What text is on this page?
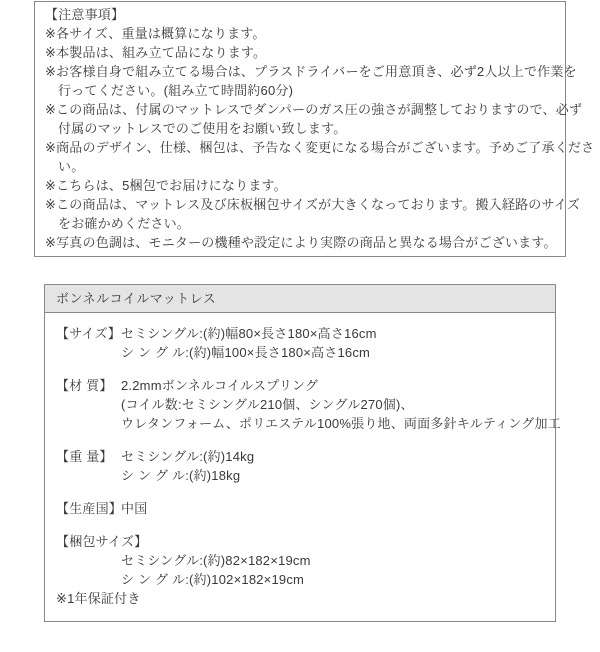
【注意事項】
※各サイズ、重量は概算になります。
※本製品は、組み立て品になります。
※お客様自身で組み立てる場合は、プラスドライバーをご用意頂き、必ず2人以上で作業を
行ってください。(組み立て時間約60分)
※この商品は、付属のマットレスでダンパーのガス圧の強さが調整しておりますので、必ず
付属のマットレスでのご使用をお願い致します。
※商品のデザイン、仕様、梱包は、予告なく変更になる場合がございます。予めご了承くださ
い。
※こちらは、5梱包でお届けになります。
※この商品は、マットレス及び床板梱包サイズが大きくなっております。搬入経路のサイズ
をお確かめください。
※写真の色調は、モニターの機種や設定により実際の商品と異なる場合がございます。
ボンネルコイルマットレス
【サイズ】 セミシングル:(約)幅80×長さ180×高さ16cm
シ ン グ ル:(約)幅100×長さ180×高さ16cm
【材 質】 2.2mmボンネルコイルスプリング
(コイル数:セミシングル210個、シングル270個)、
ウレタンフォーム、ポリエステル100%張り地、両面多針キルティング加工
【重 量】 セミシングル:(約)14kg
シ ン グ ル:(約)18kg
【生産国】
中国
【梱包サイズ】
セミシングル:(約)82×182×19cm
シ ン グ ル:(約)102×182×19cm
※1年保証付き
